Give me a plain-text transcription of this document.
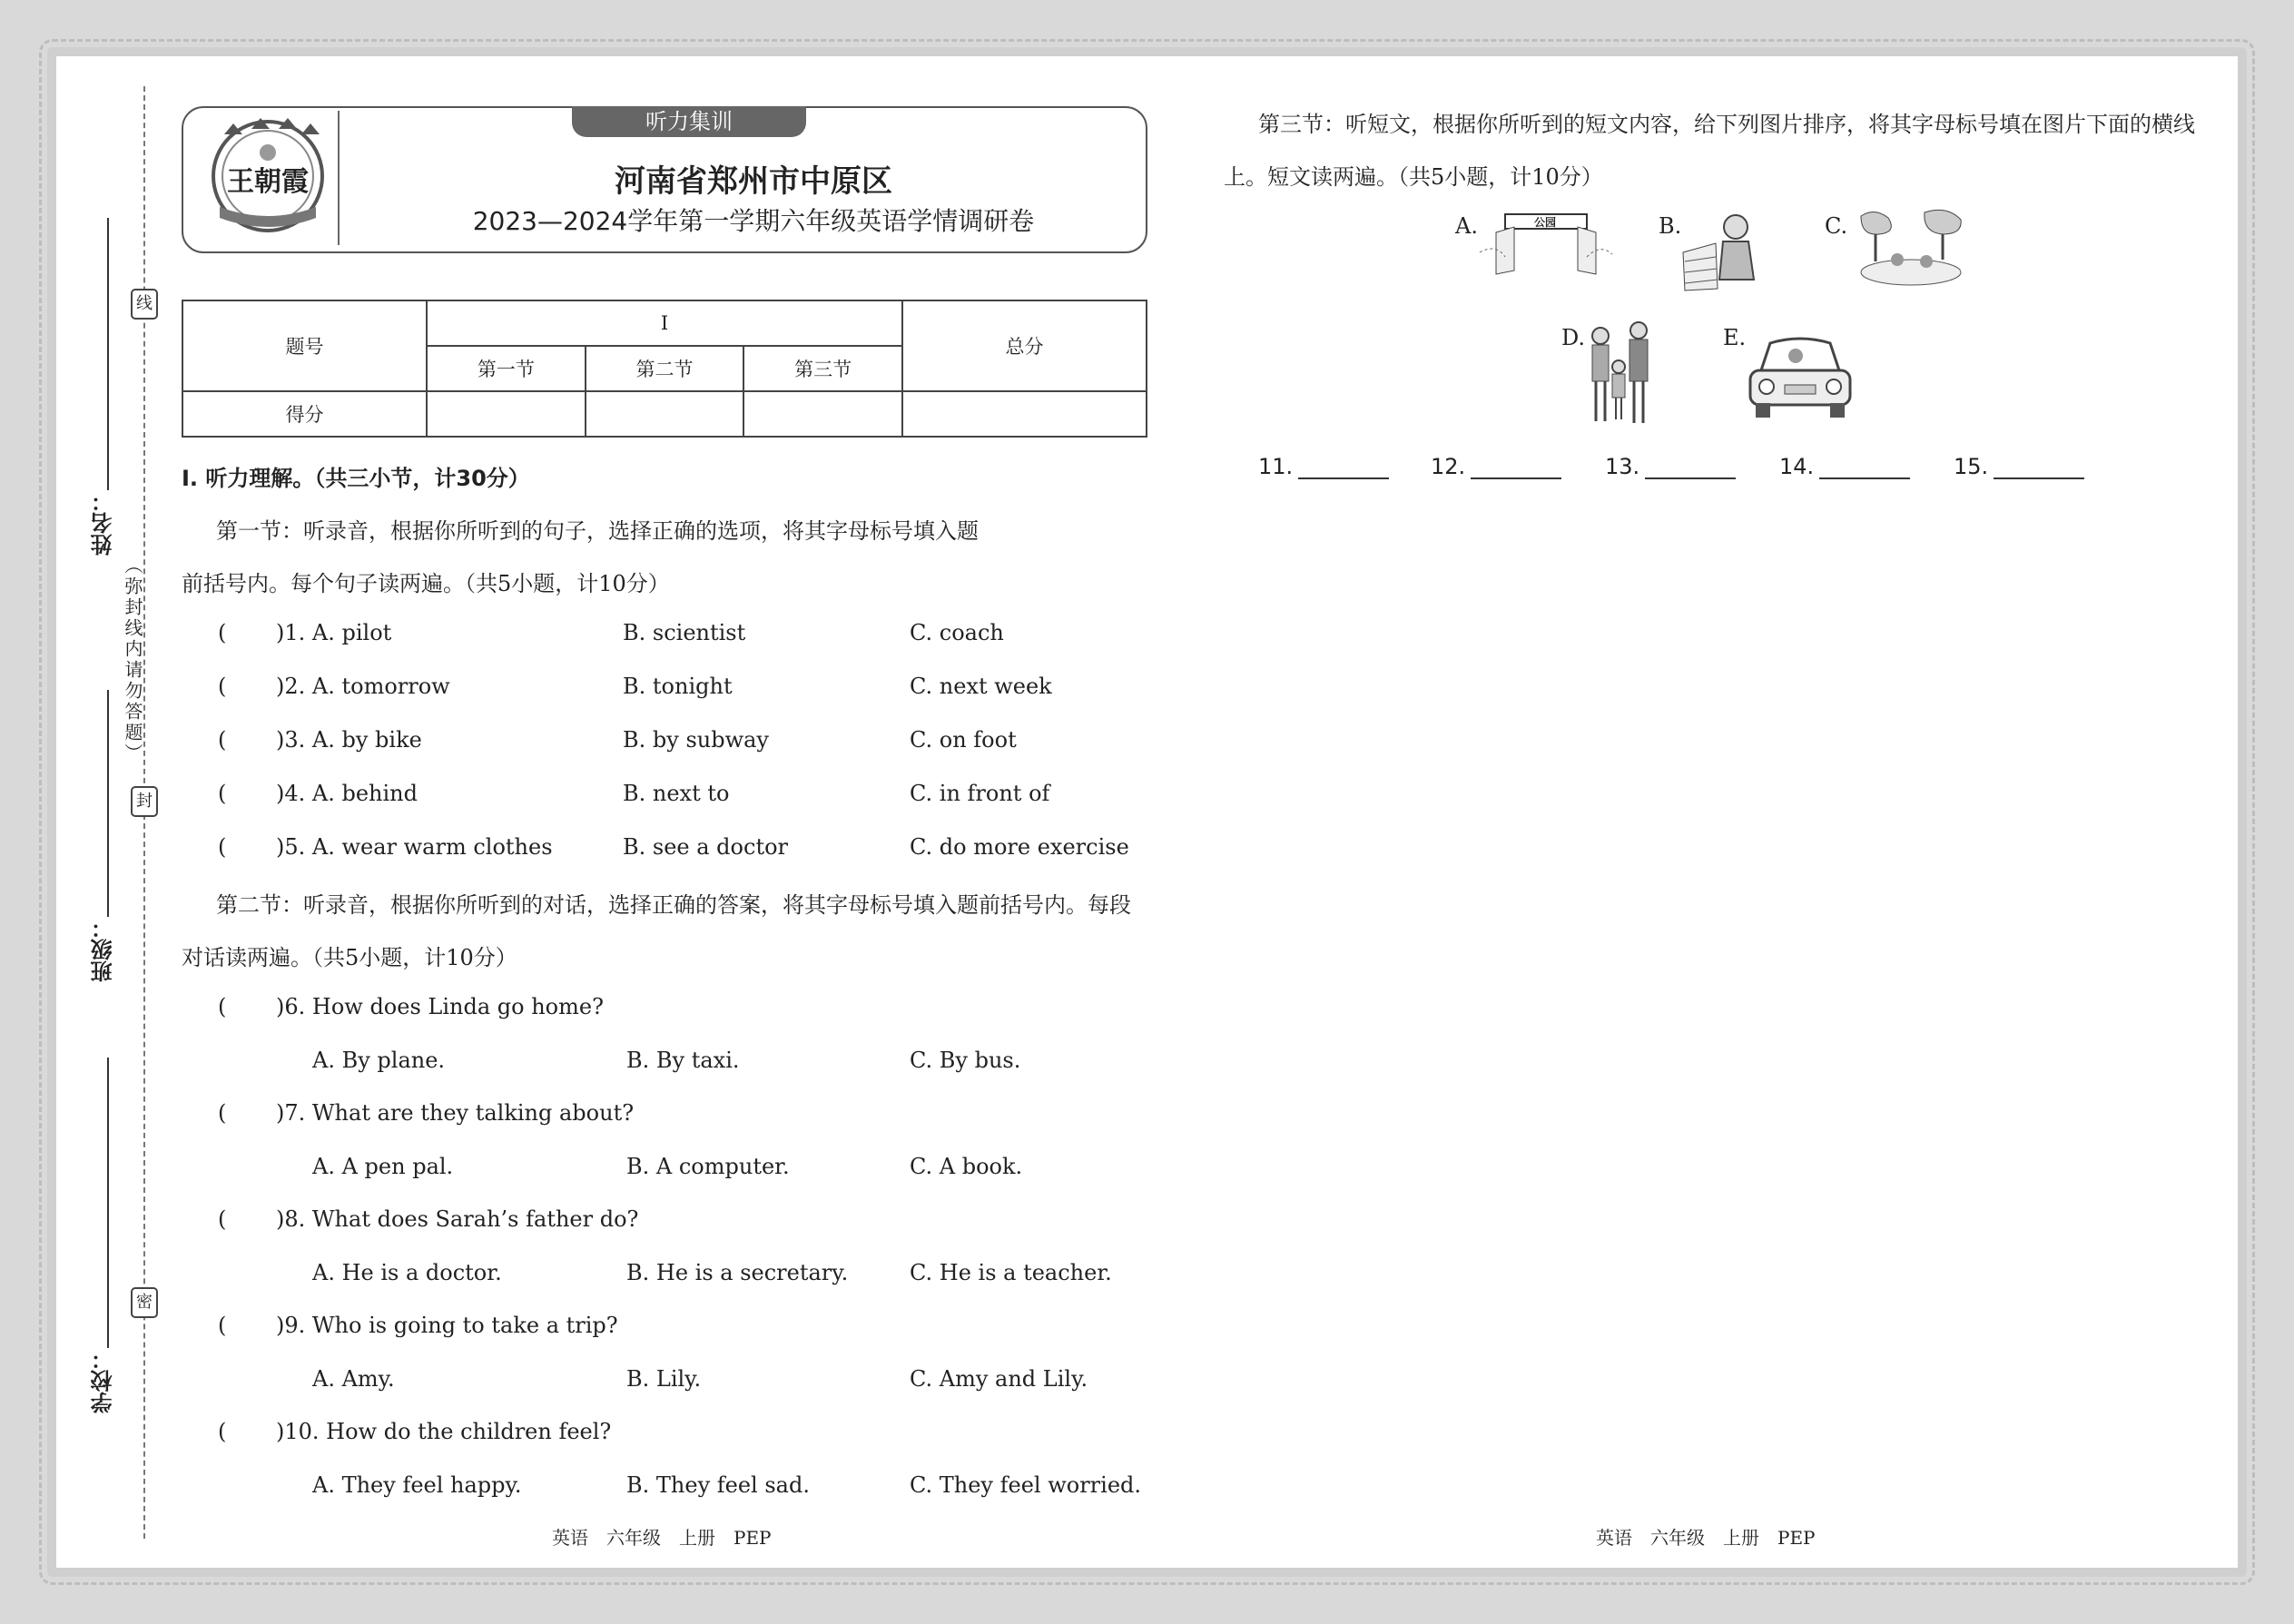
线
封
密
（弥封线内请勿答题）
姓名：
班级：
学校：
听力集训
王朝霞	河南省郑州市中原区
2023—2024学年第一学期六年级英语学情调研卷
题号	Ⅰ			总分
	第一节	第二节	第三节	
得分				
Ⅰ. 听力理解。（共三小节，计30分）
第一节：听录音，根据你所听到的句子，选择正确的选项，将其字母标号填入题
前括号内。每个句子读两遍。（共5小题，计10分）
( )1. A. pilot	B. scientist	C. coach
( )2. A. tomorrow	B. tonight	C. next week
( )3. A. by bike	B. by subway	C. on foot
( )4. A. behind	B. next to	C. in front of
( )5. A. wear warm clothes	B. see a doctor	C. do more exercise
第二节：听录音，根据你所听到的对话，选择正确的答案，将其字母标号填入题前括号内。每段
对话读两遍。（共5小题，计10分）
( )6. How does Linda go home?
A. By plane.	B. By taxi.	C. By bus.
( )7. What are they talking about?
A. A pen pal.	B. A computer.	C. A book.
( )8. What does Sarah’s father do?
A. He is a doctor.	B. He is a secretary.	C. He is a teacher.
( )9. Who is going to take a trip?
A. Amy.	B. Lily.	C. Amy and Lily.
( )10. How do the children feel?
A. They feel happy.	B. They feel sad.	C. They feel worried.
第三节：听短文，根据你所听到的短文内容，给下列图片排序，将其字母标号填在图片下面的横线
上。短文读两遍。（共5小题，计10分）
A.	公园	B.	C.
D.	E.
11.	12.	13.	14.	15.
英语　六年级　上册　PEP	英语　六年级　上册　PEP
